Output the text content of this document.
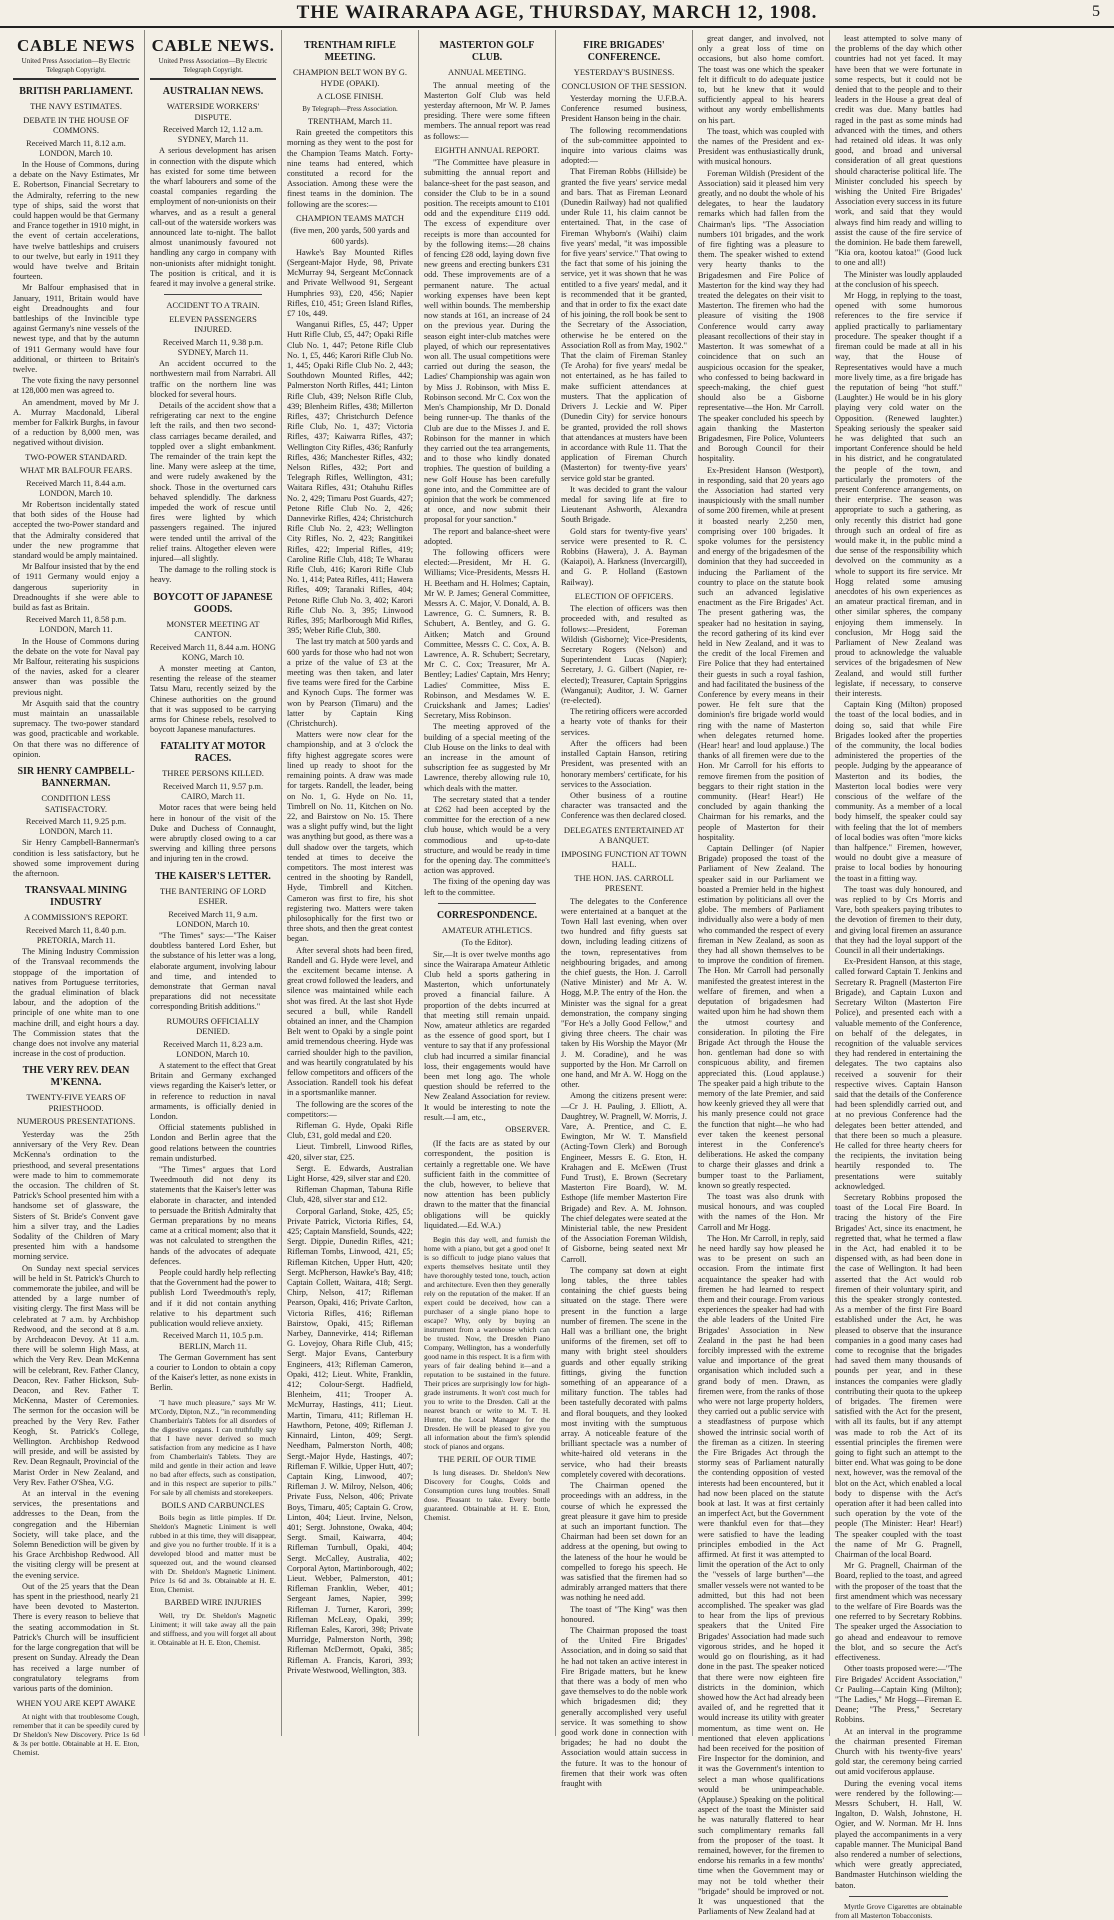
THE WAIRARAPA AGE, THURSDAY, MARCH 12, 1908.	5
CABLE NEWS
United Press Association—By Electric Telegraph Copyright.
BRITISH PARLIAMENT.
THE NAVY ESTIMATES.
DEBATE IN THE HOUSE OF COMMONS.
Received March 11, 8.12 a.m. LONDON, March 10.

In the House of Commons, during a debate on the Navy Estimates, Mr E. Robertson, Financial Secretary to the Admiralty, referring to the new type of ships, said the worst that could happen would be that Germany and France together in 1910 might, in the event of certain accelerations, have twelve battleships and cruisers to our twelve, but early in 1911 they would have twelve and Britain fourteen.

Mr Balfour emphasised that in January, 1911, Britain would have eight Dreadnoughts and four battleships of the Invincible type against Germany's nine vessels of the newest type, and that by the autumn of 1911 Germany would have four additional, or thirteen to Britain's twelve.

The vote fixing the navy personnel at 128,000 men was agreed to.

An amendment, moved by Mr J. A. Murray Macdonald, Liberal member for Falkirk Burghs, in favour of a reduction by 8,000 men, was negatived without division.

TWO-POWER STANDARD.
WHAT MR BALFOUR FEARS.
Received March 11, 8.44 a.m. LONDON, March 10.

Mr Robertson incidentally stated that both sides of the House had accepted the two-Power standard and that the Admiralty considered that under the new programme that standard would be amply maintained.

Mr Balfour insisted that by the end of 1911 Germany would enjoy a dangerous superiority in Dreadnoughts if she were able to build as fast as Britain.

Received March 11, 8.58 p.m. LONDON, March 11.

In the House of Commons during the debate on the vote for Naval pay Mr Balfour, reiterating his suspicions of the navies, asked for a clearer answer than was possible the previous night.

Mr Asquith said that the country must maintain an unassailable supremacy. The two-power standard was good, practicable and workable. On that there was no difference of opinion.

SIR HENRY CAMPBELL-BANNERMAN.
CONDITION LESS SATISFACTORY.
Received March 11, 9.25 p.m. LONDON, March 11.

Sir Henry Campbell-Bannerman's condition is less satisfactory, but he showed some improvement during the afternoon.

TRANSVAAL MINING INDUSTRY
A COMMISSION'S REPORT.
Received March 11, 8.40 p.m. PRETORIA, March 11.

The Mining Industry Commission of the Transvaal recommends the stoppage of the importation of natives from Portuguese territories, the gradual elimination of black labour, and the adoption of the principle of one white man to one machine drill, and eight hours a day. The Commission states that the change does not involve any material increase in the cost of production.

THE VERY REV. DEAN M'KENNA.
TWENTY-FIVE YEARS OF PRIESTHOOD.
NUMEROUS PRESENTATIONS.

Yesterday was the 25th anniversary of the Very Rev. Dean McKenna's ordination to the priesthood, and several presentations were made to him to commemorate the occasion. The children of St. Patrick's School presented him with a handsome set of glassware, the Sisters of St. Bride's Convent gave him a silver tray, and the Ladies Sodality of the Children of Mary presented him with a handsome morning service.

On Sunday next special services will be held in St. Patrick's Church to commemorate the jubilee, and will be attended by a large number of visiting clergy. The first Mass will be celebrated at 7 a.m. by Archbishop Redwood, and the second at 8 a.m. by Archdeacon Devoy. At 11 a.m. there will be solemn High Mass, at which the Very Rev. Dean McKenna will be celebrant, Rev. Father Clancy, Deacon, Rev. Father Hickson, Sub-Deacon, and Rev. Father T. McKenna, Master of Ceremonies. The sermon for the occasion will be preached by the Very Rev. Father Keogh, St. Patrick's College, Wellington. Archbishop Redwood will preside, and will be assisted by Rev. Dean Regnault, Provincial of the Marist Order in New Zealand, and Very Rev. Father O'Shea, V.G.

At an interval in the evening services, the presentations and addresses to the Dean, from the congregation and the Hibernian Society, will take place, and the Solemn Benediction will be given by his Grace Archbishop Redwood. All the visiting clergy will be present at the evening service.

Out of the 25 years that the Dean has spent in the priesthood, nearly 21 have been devoted to Masterton. There is every reason to believe that the seating accommodation in St. Patrick's Church will be insufficient for the large congregation that will be present on Sunday. Already the Dean has received a large number of congratulatory telegrams from various parts of the dominion.

WHEN YOU ARE KEPT AWAKE

At night with that troublesome Cough, remember that it can be speedily cured by Dr Sheldon's New Discovery. Price 1s 6d & 3s per bottle. Obtainable at H. E. Eton, Chemist.

CABLE NEWS.
United Press Association—By Electric Telegraph Copyright.
AUSTRALIAN NEWS.
WATERSIDE WORKERS' DISPUTE.
Received March 12, 1.12 a.m. SYDNEY, March 11.

A serious development has arisen in connection with the dispute which has existed for some time between the wharf labourers and some of the coastal companies regarding the employment of non-unionists on their wharves, and as a result a general call-out of the waterside workers was announced late to-night. The ballot almost unanimously favoured not handling any cargo in company with non-unionists after midnight tonight. The position is critical, and it is feared it may involve a general strike.

ACCIDENT TO A TRAIN.
ELEVEN PASSENGERS INJURED.
Received March 11, 9.38 p.m. SYDNEY, March 11.

An accident occurred to the northwestern mail from Narrabri. All traffic on the northern line was blocked for several hours.

Details of the accident show that a refrigerating car next to the engine left the rails, and then two second-class carriages became derailed, and toppled over a slight embankment. The remainder of the train kept the line. Many were asleep at the time, and were rudely awakened by the shock. Those in the overturned cars behaved splendidly. The darkness impeded the work of rescue until fires were lighted by which passengers regained. The injured were tended until the arrival of the relief trains. Altogether eleven were injured—all slightly.

The damage to the rolling stock is heavy.

BOYCOTT OF JAPANESE GOODS.
MONSTER MEETING AT CANTON.
Received March 11, 8.44 a.m. HONG KONG, March 10.

A monster meeting at Canton, resenting the release of the steamer Tatsu Maru, recently seized by the Chinese authorities on the ground that it was supposed to be carrying arms for Chinese rebels, resolved to boycott Japanese manufactures.

FATALITY AT MOTOR RACES.
THREE PERSONS KILLED.
Received March 11, 9.57 p.m. CAIRO, March 11.

Motor races that were being held here in honour of the visit of the Duke and Duchess of Connaught, were abruptly closed owing to a car swerving and killing three persons and injuring ten in the crowd.

THE KAISER'S LETTER.
THE BANTERING OF LORD ESHER.
Received March 11, 9 a.m. LONDON, March 10.

"The Times" says:—"The Kaiser doubtless bantered Lord Esher, but the substance of his letter was a long, elaborate argument, involving labour and time, and intended to demonstrate that German naval preparations did not necessitate corresponding British additions."

RUMOURS OFFICIALLY DENIED.
Received March 11, 8.23 a.m. LONDON, March 10.

A statement to the effect that Great Britain and Germany exchanged views regarding the Kaiser's letter, or in reference to reduction in naval armaments, is officially denied in London.

Official statements published in London and Berlin agree that the good relations between the countries remain undisturbed.

"The Times" argues that Lord Tweedmouth did not deny its statements that the Kaiser's letter was elaborate in character, and intended to persuade the British Admiralty that German preparations by no means came at a critical moment; also that it was not calculated to strengthen the hands of the advocates of adequate defences.

People could hardly help reflecting that the Government had the power to publish Lord Tweedmouth's reply, and if it did not contain anything relative to his department such publication would relieve anxiety.

Received March 11, 10.5 p.m. BERLIN, March 11.

The German Government has sent a courier to London to obtain a copy of the Kaiser's letter, as none exists in Berlin.

"I have much pleasure," says Mr W. M'Cordy, Dipton, N.Z., "in recommending Chamberlain's Tablets for all disorders of the digestive organs. I can truthfully say that I have never derived so much satisfaction from any medicine as I have from Chamberlain's Tablets. They are mild and gentle in their action and leave no bad after effects, such as constipation, and in this respect are superior to pills." For sale by all chemists and storekeepers.

BOILS AND CARBUNCLES

Boils begin as little pimples. If Dr. Sheldon's Magnetic Liniment is well rubbed in at this time, they will disappear, and give you no further trouble. If it is a developed blood and matter must be squeezed out, and the wound cleansed with Dr. Sheldon's Magnetic Liniment. Price 1s 6d and 3s. Obtainable at H. E. Eton, Chemist.

BARBED WIRE INJURIES

Well, try Dr. Sheldon's Magnetic Liniment; it will take away all the pain and stiffness, and you will forget all about it. Obtainable at H. E. Eton, Chemist.

TRENTHAM RIFLE MEETING.
CHAMPION BELT WON BY G. HYDE (OPAKI).
A CLOSE FINISH.
By Telegraph—Press Association.
TRENTHAM, March 11.

Rain greeted the competitors this morning as they went to the post for the Champion Teams Match. Forty-nine teams had entered, which constituted a record for the Association. Among these were the finest teams in the dominion. The following are the scores:—

CHAMPION TEAMS MATCH
(five men, 200 yards, 500 yards and 600 yards).

Hawke's Bay Mounted Rifles (Sergeant-Major Hyde, 98, Private McMurray 94, Sergeant McConnack and Private Wellwood 91, Sergeant Humphries 93), £20, 456; Napier Rifles, £10, 451; Green Island Rifles, £7 10s, 449.

Wanganui Rifles, £5, 447; Upper Hutt Rifle Club, £5, 447; Opaki Rifle Club No. 1, 447; Petone Rifle Club No. 1, £5, 446; Karori Rifle Club No. 1, 445; Opaki Rifle Club No. 2, 443; Southdown Mounted Rifles, 442; Palmerston North Rifles, 441; Linton Rifle Club, 439; Nelson Rifle Club, 439; Blenheim Rifles, 438; Millerton Rifles, 437; Christchurch Defence Rifle Club, No. 1, 437; Victoria Rifles, 437; Kaiwarra Rifles, 437; Wellington City Rifles, 436; Ranfurly Rifles, 436; Manchester Rifles, 432; Nelson Rifles, 432; Port and Telegraph Rifles, Wellington, 431; Waitara Rifles, 431; Otahuhu Rifles No. 2, 429; Timaru Post Guards, 427; Petone Rifle Club No. 2, 426; Dannevirke Rifles, 424; Christchurch Rifle Club No. 2, 423; Wellington City Rifles, No. 2, 423; Rangitikei Rifles, 422; Imperial Rifles, 419; Caroline Rifle Club, 418; Te Wharau Rifle Club, 416; Karori Rifle Club No. 1, 414; Patea Rifles, 411; Hawera Rifles, 409; Taranaki Rifles, 404; Petone Rifle Club No. 3, 402; Karori Rifle Club No. 3, 395; Linwood Rifles, 395; Marlborough Mid Rifles, 395; Weber Rifle Club, 380.

The last try match at 500 yards and 600 yards for those who had not won a prize of the value of £3 at the meeting was then taken, and later five teams were fired for the Carbine and Kynoch Cups. The former was won by Pearson (Timaru) and the latter by Captain King (Christchurch).

Matters were now clear for the championship, and at 3 o'clock the fifty highest aggregate scores were lined up ready to shoot for the remaining points. A draw was made for targets. Randell, the leader, being on No. 1, G. Hyde on No. 11, Timbrell on No. 11, Kitchen on No. 22, and Bairstow on No. 15. There was a slight puffy wind, but the light was anything but good, as there was a dull shadow over the targets, which tended at times to deceive the competitors. The most interest was centred in the shooting by Randell, Hyde, Timbrell and Kitchen. Cameron was first to fire, his shot registering two. Matters were taken philosophically for the first two or three shots, and then the great contest began.

After several shots had been fired, Randell and G. Hyde were level, and the excitement became intense. A great crowd followed the leaders, and silence was maintained while each shot was fired. At the last shot Hyde secured a bull, while Randell obtained an inner, and the Champion Belt went to Opaki by a single point amid tremendous cheering. Hyde was carried shoulder high to the pavilion, and was heartily congratulated by his fellow competitors and officers of the Association. Randell took his defeat in a sportsmanlike manner.

The following are the scores of the competitors:—

Rifleman G. Hyde, Opaki Rifle Club, £31, gold medal and £20.

Lieut. Timbrell, Linwood Rifles, 420, silver star, £25.

Sergt. E. Edwards, Australian Light Horse, 429, silver star and £20.

Rifleman Chapman, Tabuna Rifle Club, 428, silver star and £12.

Corporal Garland, Stoke, 425, £5; Private Patrick, Victoria Rifles, £4, 425; Captain Mansfield, Sounds, 422; Sergt. Dippie, Dunedin Rifles, 421; Rifleman Tombs, Linwood, 421, £5; Rifleman Kitchen, Upper Hutt, 420; Sergt. McPherson, Hawke's Bay, 418; Captain Collett, Waitara, 418; Sergt. Chirp, Nelson, 417; Rifleman Pearson, Opaki, 416; Private Carlton, Victoria Rifles, 416; Rifleman Bairstow, Opaki, 415; Rifleman Narbey, Dannevirke, 414; Rifleman G. Lovejoy, Ohara Rifle Club, 415; Sergt. Major Evans, Canterbury Engineers, 413; Rifleman Cameron, Opaki, 412; Lieut. White, Franklin, 412; Colour-Sergt. Hadfield, Blenheim, 411; Trooper A. McMurray, Hastings, 411; Lieut. Martin, Timaru, 411; Rifleman H. Hawthorn, Petone, 409; Rifleman J. Kinnaird, Linton, 409; Sergt. Needham, Palmerston North, 408; Sergt.-Major Hyde, Hastings, 407; Rifleman F. Wilkie, Upper Hutt, 407; Captain King, Linwood, 407; Rifleman J. W. Milroy, Nelson, 406; Private Fuss, Nelson, 406; Private Boys, Timaru, 405; Captain G. Crow, Linton, 404; Lieut. Irvine, Nelson, 401; Sergt. Johnstone, Owaka, 404; Sergt. Smail, Kaiwarra, 404; Rifleman Turnbull, Opaki, 404; Sergt. McCalley, Australia, 402; Corporal Ayton, Martinborough, 402; Lieut. Webber, Palmerston, 401; Rifleman Franklin, Weber, 401; Sergeant James, Napier, 399; Rifleman J. Turner, Karori, 399; Rifleman McLeay, Opaki, 399; Rifleman Eales, Karori, 398; Private Murridge, Palmerston North, 398; Rifleman McDermott, Opaki, 385; Rifleman A. Francis, Karori, 393; Private Westwood, Wellington, 383.

MASTERTON GOLF CLUB.
ANNUAL MEETING.

The annual meeting of the Masterton Golf Club was held yesterday afternoon, Mr W. P. James presiding. There were some fifteen members. The annual report was read as follows:—

EIGHTH ANNUAL REPORT.

"The Committee have pleasure in submitting the annual report and balance-sheet for the past season, and consider the Club to be in a sound position. The receipts amount to £101 odd and the expenditure £119 odd. The excess of expenditure over receipts is more than accounted for by the following items:—28 chains of fencing £28 odd, laying down five new greens and erecting bunkers £31 odd. These improvements are of a permanent nature. The actual working expenses have been kept well within bounds. The membership now stands at 161, an increase of 24 on the previous year. During the season eight inter-club matches were played, of which our representatives won all. The usual competitions were carried out during the season, the Ladies' Championship was again won by Miss J. Robinson, with Miss E. Robinson second. Mr C. Cox won the Men's Championship, Mr D. Donald being runner-up. The thanks of the Club are due to the Misses J. and E. Robinson for the manner in which they carried out the tea arrangements, and to those who kindly donated trophies. The question of building a new Golf House has been carefully gone into, and the Committee are of opinion that the work be commenced at once, and now submit their proposal for your sanction."

The report and balance-sheet were adopted.

The following officers were elected:—President, Mr H. G. Williams; Vice-Presidents, Messrs H. H. Beetham and H. Holmes; Captain, Mr W. P. James; General Committee, Messrs A. C. Major, V. Donald, A. B. Lawrence, G. C. Sumners, R. B. Schubert, A. Bentley, and G. G. Aitken; Match and Ground Committee, Messrs C. C. Cox, A. B. Lawrence, A. R. Schubert; Secretary, Mr C. C. Cox; Treasurer, Mr A. Bentley; Ladies' Captain, Mrs Henry; Ladies' Committee, Miss E. Robinson, and Mesdames W. E. Cruickshank and James; Ladies' Secretary, Miss Robinson.

The meeting approved of the building of a special meeting of the Club House on the links to deal with an increase in the amount of subscription fee as suggested by Mr Lawrence, thereby allowing rule 10, which deals with the matter.

The secretary stated that a tender at £262 had been accepted by the committee for the erection of a new club house, which would be a very commodious and up-to-date structure, and would be ready in time for the opening day. The committee's action was approved.

The fixing of the opening day was left to the committee.

CORRESPONDENCE.
AMATEUR ATHLETICS.
(To the Editor).

Sir,—It is over twelve months ago since the Wairarapa Amateur Athletic Club held a sports gathering in Masterton, which unfortunately proved a financial failure. A proportion of the debts incurred at that meeting still remain unpaid. Now, amateur athletics are regarded as the essence of good sport, but I venture to say that if any professional club had incurred a similar financial loss, their engagements would have been met long ago. The whole question should be referred to the New Zealand Association for review. It would be interesting to note the result.—I am, etc.,

OBSERVER.

(If the facts are as stated by our correspondent, the position is certainly a regrettable one. We have sufficient faith in the committee of the club, however, to believe that now attention has been publicly drawn to the matter that the financial obligations will be quickly liquidated.—Ed. W.A.)

Begin this day well, and furnish the home with a piano, but get a good one! It is so difficult to judge piano values that experts themselves hesitate until they have thoroughly tested tone, touch, action and architecture. Even then they generally rely on the reputation of the maker. If an expert could be deceived, how can a purchaser of a single piano hope to escape? Why, only by buying an instrument from a warehouse which can be trusted. Now, the Dresden Piano Company, Wellington, has a wonderfully good name in this respect. It is a firm with years of fair dealing behind it—and a reputation to be sustained in the future. Their prices are surprisingly low for high-grade instruments. It won't cost much for you to write to the Dresden. Call at the nearest branch or write to M. T. H. Hunter, the Local Manager for the Dresden. He will be pleased to give you all information about the firm's splendid stock of pianos and organs.

THE PERIL OF OUR TIME

Is lung diseases. Dr. Sheldon's New Discovery for Coughs, Colds and Consumption cures lung troubles. Small dose. Pleasant to take. Every bottle guaranteed. Obtainable at H. E. Eton, Chemist.

FIRE BRIGADES' CONFERENCE.
YESTERDAY'S BUSINESS.
CONCLUSION OF THE SESSION.

Yesterday morning the U.F.B.A. Conference resumed business, President Hanson being in the chair.

The following recommendations of the sub-committee appointed to inquire into various claims was adopted:—

That Fireman Robbs (Hillside) be granted the five years' service medal and bars. That as Fireman Leonard (Dunedin Railway) had not qualified under Rule 11, his claim cannot be entertained. That, in the case of Fireman Whyborn's (Waihi) claim five years' medal, "it was impossible for five years' service." That owing to the fact that some of his joining the service, yet it was shown that he was entitled to a five years' medal, and it is recommended that it be granted, and that in order to fix the exact date of his joining, the roll book be sent to the Secretary of the Association, otherwise he be entered on the Association Roll as from May, 1902." That the claim of Fireman Stanley (Te Aroha) for five years' medal be not entertained, as he has failed to make sufficient attendances at musters. That the application of Drivers J. Leckie and W. Piper (Dunedin City) for service honours be granted, provided the roll shows that attendances at musters have been in accordance with Rule 11. That the application of Fireman Church (Masterton) for twenty-five years' service gold star be granted.

It was decided to grant the valour medal for saving life at fire to Lieutenant Ashworth, Alexandra South Brigade.

Gold stars for twenty-five years' service were presented to R. C. Robbins (Hawera), J. A. Bayman (Kaiapoi), A. Harkness (Invercargill), and G. P. Holland (Eastown Railway).

ELECTION OF OFFICERS.

The election of officers was then proceeded with, and resulted as follows:—President, Foreman Wildish (Gisborne); Vice-Presidents, Secretary Rogers (Nelson) and Superintendent Lucas (Napier); Secretary, J. G. Gilbert (Napier, re-elected); Treasurer, Captain Spriggins (Wanganui); Auditor, J. W. Garner (re-elected).

The retiring officers were accorded a hearty vote of thanks for their services.

After the officers had been installed Captain Hanson, retiring President, was presented with an honorary members' certificate, for his services to the Association.

Other business of a routine character was transacted and the Conference was then declared closed.

DELEGATES ENTERTAINED AT A BANQUET.
IMPOSING FUNCTION AT TOWN HALL.
THE HON. JAS. CARROLL PRESENT.

The delegates to the Conference were entertained at a banquet at the Town Hall last evening, when over two hundred and fifty guests sat down, including leading citizens of the town, representatives from neighbouring brigades, and among the chief guests, the Hon. J. Carroll (Native Minister) and Mr A. W. Hogg, M.P. The entry of the Hon. the Minister was the signal for a great demonstration, the company singing "For He's a Jolly Good Fellow," and giving three cheers. The chair was taken by His Worship the Mayor (Mr J. M. Coradine), and he was supported by the Hon. Mr Carroll on one hand, and Mr A. W. Hogg on the other.

Among the citizens present were:—Cr J. H. Pauling, J. Elliott, A. Daughtrey, W. Pragnell, W. Morris, J. Vare, A. Prentice, and C. E. Ewington, Mr W. T. Mansfield (Acting-Town Clerk) and Borough Engineer, Messrs E. G. Eton, H. Krahagen and E. McEwen (Trust Fund Trust), E. Brown (Secretary Masterton Fire Board), W. M. Esthope (life member Masterton Fire Brigade) and Rev. A. M. Johnson. The chief delegates were seated at the Ministerial table, the new President of the Association Foreman Wildish, of Gisborne, being seated next Mr Carroll.

The company sat down at eight long tables, the three tables containing the chief guests being situated on the stage. There were present in the function a large number of firemen. The scene in the Hall was a brilliant one, the bright uniforms of the firemen, set off to many with bright steel shoulders guards and other equally striking fittings, giving the function something of an appearance of a military function. The tables had been tastefully decorated with palms and floral bouquets, and they looked most inviting with the sumptuous array. A noticeable feature of the brilliant spectacle was a number of white-haired old veterans in the service, who had their breasts completely covered with decorations.

The Chairman opened the proceedings with an address, in the course of which he expressed the great pleasure it gave him to preside at such an important function. The Chairman had been set down for an address at the opening, but owing to the lateness of the hour he would be compelled to forego his speech. He was satisfied that the firemen had so admirably arranged matters that there was nothing he need add.

The toast of "The King" was then honoured.

The Chairman proposed the toast of the United Fire Brigades' Association, and in doing so said that he had not taken an active interest in Fire Brigade matters, but he knew that there was a body of men who gave themselves to do the noble work which brigadesmen did; they generally accomplished very useful service. It was something to show good work done in connection with brigades; he had no doubt the Association would attain success in the future. It was to the honour of firemen that their work was often fraught with

great danger, and involved, not only a great loss of time on occasions, but also home comfort. The toast was one which the speaker felt it difficult to do adequate justice to, but he knew that it would sufficiently appeal to his hearers without any wordy embellishments on his part.

The toast, which was coupled with the names of the President and ex-President was enthusiastically drunk, with musical honours.

Foreman Wildish (President of the Association) said it pleased him very greatly, and no doubt the whole of his delegates, to hear the laudatory remarks which had fallen from the Chairman's lips. "The Association numbers 101 brigades, and the work of fire fighting was a pleasure to them. The speaker wished to extend very hearty thanks to the Brigadesmen and Fire Police of Masterton for the kind way they had treated the delegates on their visit to Masterton. The firemen who had the pleasure of visiting the 1908 Conference would carry away pleasant recollections of their stay in Masterton. It was somewhat of a coincidence that on such an auspicious occasion for the speaker, who confessed to being backward in speech-making, the chief guest should also be a Gisborne representative—the Hon. Mr Carroll. The speaker concluded his speech by again thanking the Masterton Brigadesmen, Fire Police, Volunteers and Borough Council for their hospitality.

Ex-President Hanson (Westport), in responding, said that 20 years ago the Association had started very inauspiciously with the small number of some 200 firemen, while at present it boasted nearly 2,250 men, comprising over 100 brigades. It spoke volumes for the persistency and energy of the brigadesmen of the dominion that they had succeeded in inducing the Parliament of the country to place on the statute book such an advanced legislative enactment as the Fire Brigades' Act. The present gathering was, the speaker had no hesitation in saying, the record gathering of its kind ever held in New Zealand, and it was to the credit of the local Firemen and Fire Police that they had entertained their guests in such a royal fashion, and had facilitated the business of the Conference by every means in their power. He felt sure that the dominion's fire brigade world would ring with the name of Masterton when delegates returned home. (Hear! hear! and loud applause.) The thanks of all firemen were due to the Hon. Mr Carroll for his efforts to remove firemen from the position of beggars to their right station in the community. (Hear! Hear!) He concluded by again thanking the Chairman for his remarks, and the people of Masterton for their hospitality.

Captain Dellinger (of Napier Brigade) proposed the toast of the Parliament of New Zealand. The speaker said in our Parliament we boasted a Premier held in the highest estimation by politicians all over the globe. The members of Parliament individually also were a body of men who commanded the respect of every fireman in New Zealand, as soon as they had all shown themselves to be to improve the condition of firemen. The Hon. Mr Carroll had personally manifested the greatest interest in the welfare of firemen, and when a deputation of brigadesmen had waited upon him he had shown them the utmost courtesy and consideration. In piloting the Fire Brigade Act through the House the hon. gentleman had done so with conspicuous ability, and firemen appreciated this. (Loud applause.) The speaker paid a high tribute to the memory of the late Premier, and said how keenly grieved they all were that his manly presence could not grace the function that night—he who had ever taken the keenest personal interest in the Conference's deliberations. He asked the company to charge their glasses and drink a bumper toast to the Parliament, known so greatly respected.

The toast was also drunk with musical honours, and was coupled with the names of the Hon. Mr Carroll and Mr Hogg.

The Hon. Mr Carroll, in reply, said he need hardly say how pleased he was to be present on such an occasion. From the intimate first acquaintance the speaker had with firemen he had learned to respect them and their courage. From various experiences the speaker had had with the able leaders of the United Fire Brigades' Association in New Zealand in the past he had been forcibly impressed with the extreme value and importance of the great organisation which included such a grand body of men. Drawn, as firemen were, from the ranks of those who were not large property holders, they carried out a public service with a steadfastness of purpose which showed the intrinsic social worth of the fireman as a citizen. In steering the Fire Brigades Act through the stormy seas of Parliament naturally the contending opposition of vested interests had been encountered, but it had now been placed on the statute book at last. It was at first certainly an imperfect Act, but the Government were thankful even for that—they were satisfied to have the leading principles embodied in the Act affirmed. At first it was attempted to limit the operation of the Act to only the "vessels of large burthen"—the smaller vessels were not wanted to be admitted, but this had not been accomplished. The speaker was glad to hear from the lips of previous speakers that the United Fire Brigades' Association had made such vigorous strides, and he hoped it would go on flourishing, as it had done in the past. The speaker noticed that there were now eighteen fire districts in the dominion, which showed how the Act had already been availed of, and he regretted that it would increase its utility with greater momentum, as time went on. He mentioned that eleven applications had been received for the position of Fire Inspector for the dominion, and it was the Government's intention to select a man whose qualifications would be unimpeachable. (Applause.) Speaking on the political aspect of the toast the Minister said he was naturally flattered to hear such complimentary remarks fall from the proposer of the toast. It remained, however, for the firemen to endorse his remarks in a few months' time when the Government may or may not be told whether their "brigade" should be improved or not. It was unquestioned that the Parliaments of New Zealand had at

least attempted to solve many of the problems of the day which other countries had not yet faced. It may have been that we were fortunate in some respects, but it could not be denied that to the people and to their leaders in the House a great deal of credit was due. Many battles had raged in the past as some minds had advanced with the times, and others had retained old ideas. It was only good, and broad and universal consideration of all great questions should characterise political life. The Minister concluded his speech by wishing the United Fire Brigades' Association every success in its future work, and said that they would always find him ready and willing to assist the cause of the fire service of the dominion. He bade them farewell, "Kia ora, kootou katoa!" (Good luck to one and all!)

The Minister was loudly applauded at the conclusion of his speech.

Mr Hogg, in replying to the toast, opened with some humorous references to the fire service if applied practically to parliamentary procedure. The speaker thought if a fireman could be made at all in his way, that the House of Representatives would have a much more lively time, as a fire brigade has the reputation of being "hot stuff." (Laughter.) He would be in his glory playing very cold water on the Opposition. (Renewed laughter.) Speaking seriously the speaker said he was delighted that such an important Conference should be held in his district, and he congratulated the people of the town, and particularly the promoters of the present Conference arrangements, on their enterprise. The season was appropriate to such a gathering, as only recently this district had gone through such an ordeal of fire as would make it, in the public mind a due sense of the responsibility which devolved on the community as a whole to support its fire service. Mr Hogg related some amusing anecdotes of his own experiences as an amateur practical fireman, and in other similar spheres, the company enjoying them immensely. In conclusion, Mr Hogg said the Parliament of New Zealand was proud to acknowledge the valuable services of the brigadesmen of New Zealand, and would still further legislate, if necessary, to conserve their interests.

Captain King (Milton) proposed the toast of the local bodies, and in doing so, said that while Fire Brigades looked after the properties of the community, the local bodies administered the properties of the people. Judging by the appearance of Masterton and its bodies, the Masterton local bodies were very conscious of the welfare of the community. As a member of a local body himself, the speaker could say with feeling that the lot of members of local bodies was often "more kicks than halfpence." Firemen, however, would no doubt give a measure of praise to local bodies by honouring the toast in a fitting way.

The toast was duly honoured, and was replied to by Crs Morris and Vare, both speakers paying tributes to the devotion of firemen to their duty, and giving local firemen an assurance that they had the loyal support of the Council in all their undertakings.

Ex-President Hanson, at this stage, called forward Captain T. Jenkins and Secretary R. Pragnell (Masterton Fire Brigade), and Captain Luxon and Secretary Wilton (Masterton Fire Police), and presented each with a valuable memento of the Conference, on behalf of the delegates, in recognition of the valuable services they had rendered in entertaining the delegates. The two captains also received a souvenir for their respective wives. Captain Hanson said that the details of the Conference had been splendidly carried out, and at no previous Conference had the delegates been better attended, and that there been so much a pleasure. He called for three hearty cheers for the recipients, the invitation being heartily responded to. The presentations were suitably acknowledged.

Secretary Robbins proposed the toast of the Local Fire Board. In tracing the history of the Fire Brigades' Act, since its enactment, he regretted that, what he termed a flaw in the Act, had enabled it to be dispensed with, as had been done in the case of Wellington. It had been asserted that the Act would rob firemen of their voluntary spirit, and this the speaker strongly contested. As a member of the first Fire Board established under the Act, he was pleased to observe that the insurance companies in a good many cases had come to recognise that the brigades had saved them many thousands of pounds per year, and in these instances the companies were gladly contributing their quota to the upkeep of brigades. The firemen were satisfied with the Act for the present, with all its faults, but if any attempt was made to rob the Act of its essential principles the firemen were going to fight such an attempt to the bitter end. What was going to be done next, however, was the removal of the blot on the Act, which enabled a local body to dispense with the Act's operation after it had been called into such operation by the vote of the people (The Minister: Hear! Hear!) The speaker coupled with the toast the name of Mr G. Pragnell, Chairman of the local Board.

Mr G. Pragnell, Chairman of the Board, replied to the toast, and agreed with the proposer of the toast that the first amendment which was necessary to the welfare of Fire Boards was the one referred to by Secretary Robbins. The speaker urged the Association to go ahead and endeavour to remove the blot, and so secure the Act's effectiveness.

Other toasts proposed were:—"The Fire Brigades' Accident Association," Cr Pauling—Captain King (Milton); "The Ladies," Mr Hogg—Fireman E. Deane; "The Press," Secretary Robbins.

At an interval in the programme the chairman presented Fireman Church with his twenty-five years' gold star, the ceremony being carried out amid vociferous applause.

During the evening vocal items were rendered by the following:—Messrs Schubert, H. Hall, W. Ingalton, D. Walsh, Johnstone, H. Ogier, and W. Norman. Mr H. Inns played the accompaniments in a very capable manner. The Municipal Band also rendered a number of selections, which were greatly appreciated, Bandmaster Hutchinson wielding the baton.

Myrtle Grove Cigarettes are obtainable from all Masterton Tobacconists.
